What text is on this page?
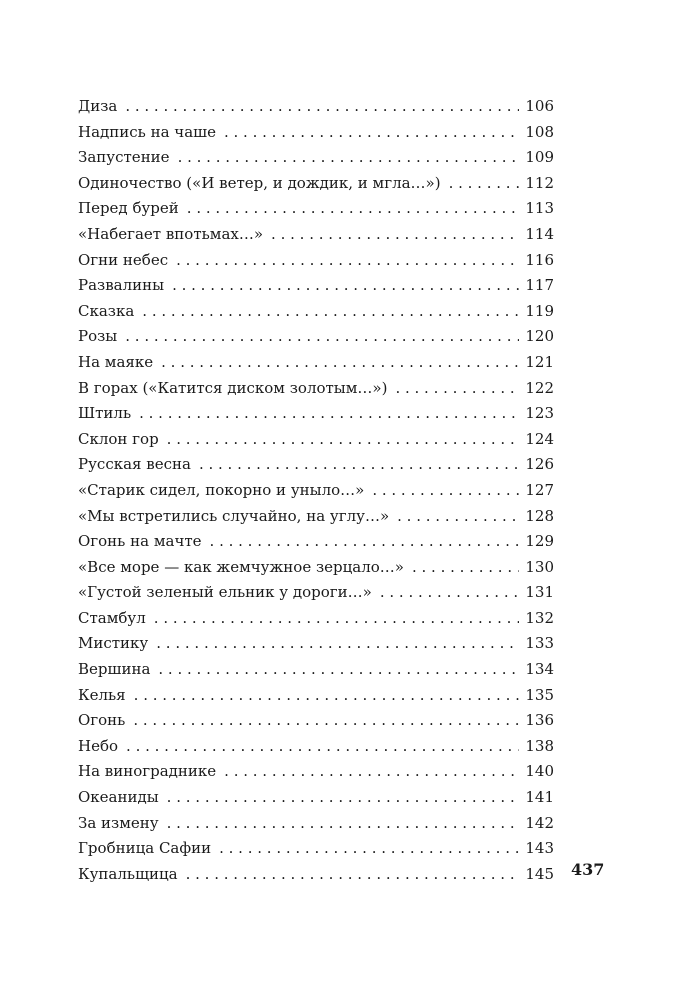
Диза . . .	106
Надпись на чаше . . .	108
Запустение . . .	109
Одиночество («И ветер, и дождик, и мгла…») . . .	112
Перед бурей . . .	113
«Набегает впотьмах…» . . .	114
Огни небес . . .	116
Развалины . . .	117
Сказка . . .	119
Розы . . .	120
На маяке . . .	121
В горах («Катится диском золотым…») . . .	122
Штиль . . .	123
Склон гор . . .	124
Русская весна . . .	126
«Старик сидел, покорно и уныло…» . . .	127
«Мы встретились случайно, на углу…» . . .	128
Огонь на мачте . . .	129
«Все море — как жемчужное зерцало…» . . .	130
«Густой зеленый ельник у дороги…» . . .	131
Стамбул . . .	132
Мистику . . .	133
Вершина . . .	134
Келья . . .	135
Огонь . . .	136
Небо . . .	138
На винограднике . . .	140
Океаниды . . .	141
За измену . . .	142
Гробница Сафии . . .	143
Купальщица . . .	145 437
